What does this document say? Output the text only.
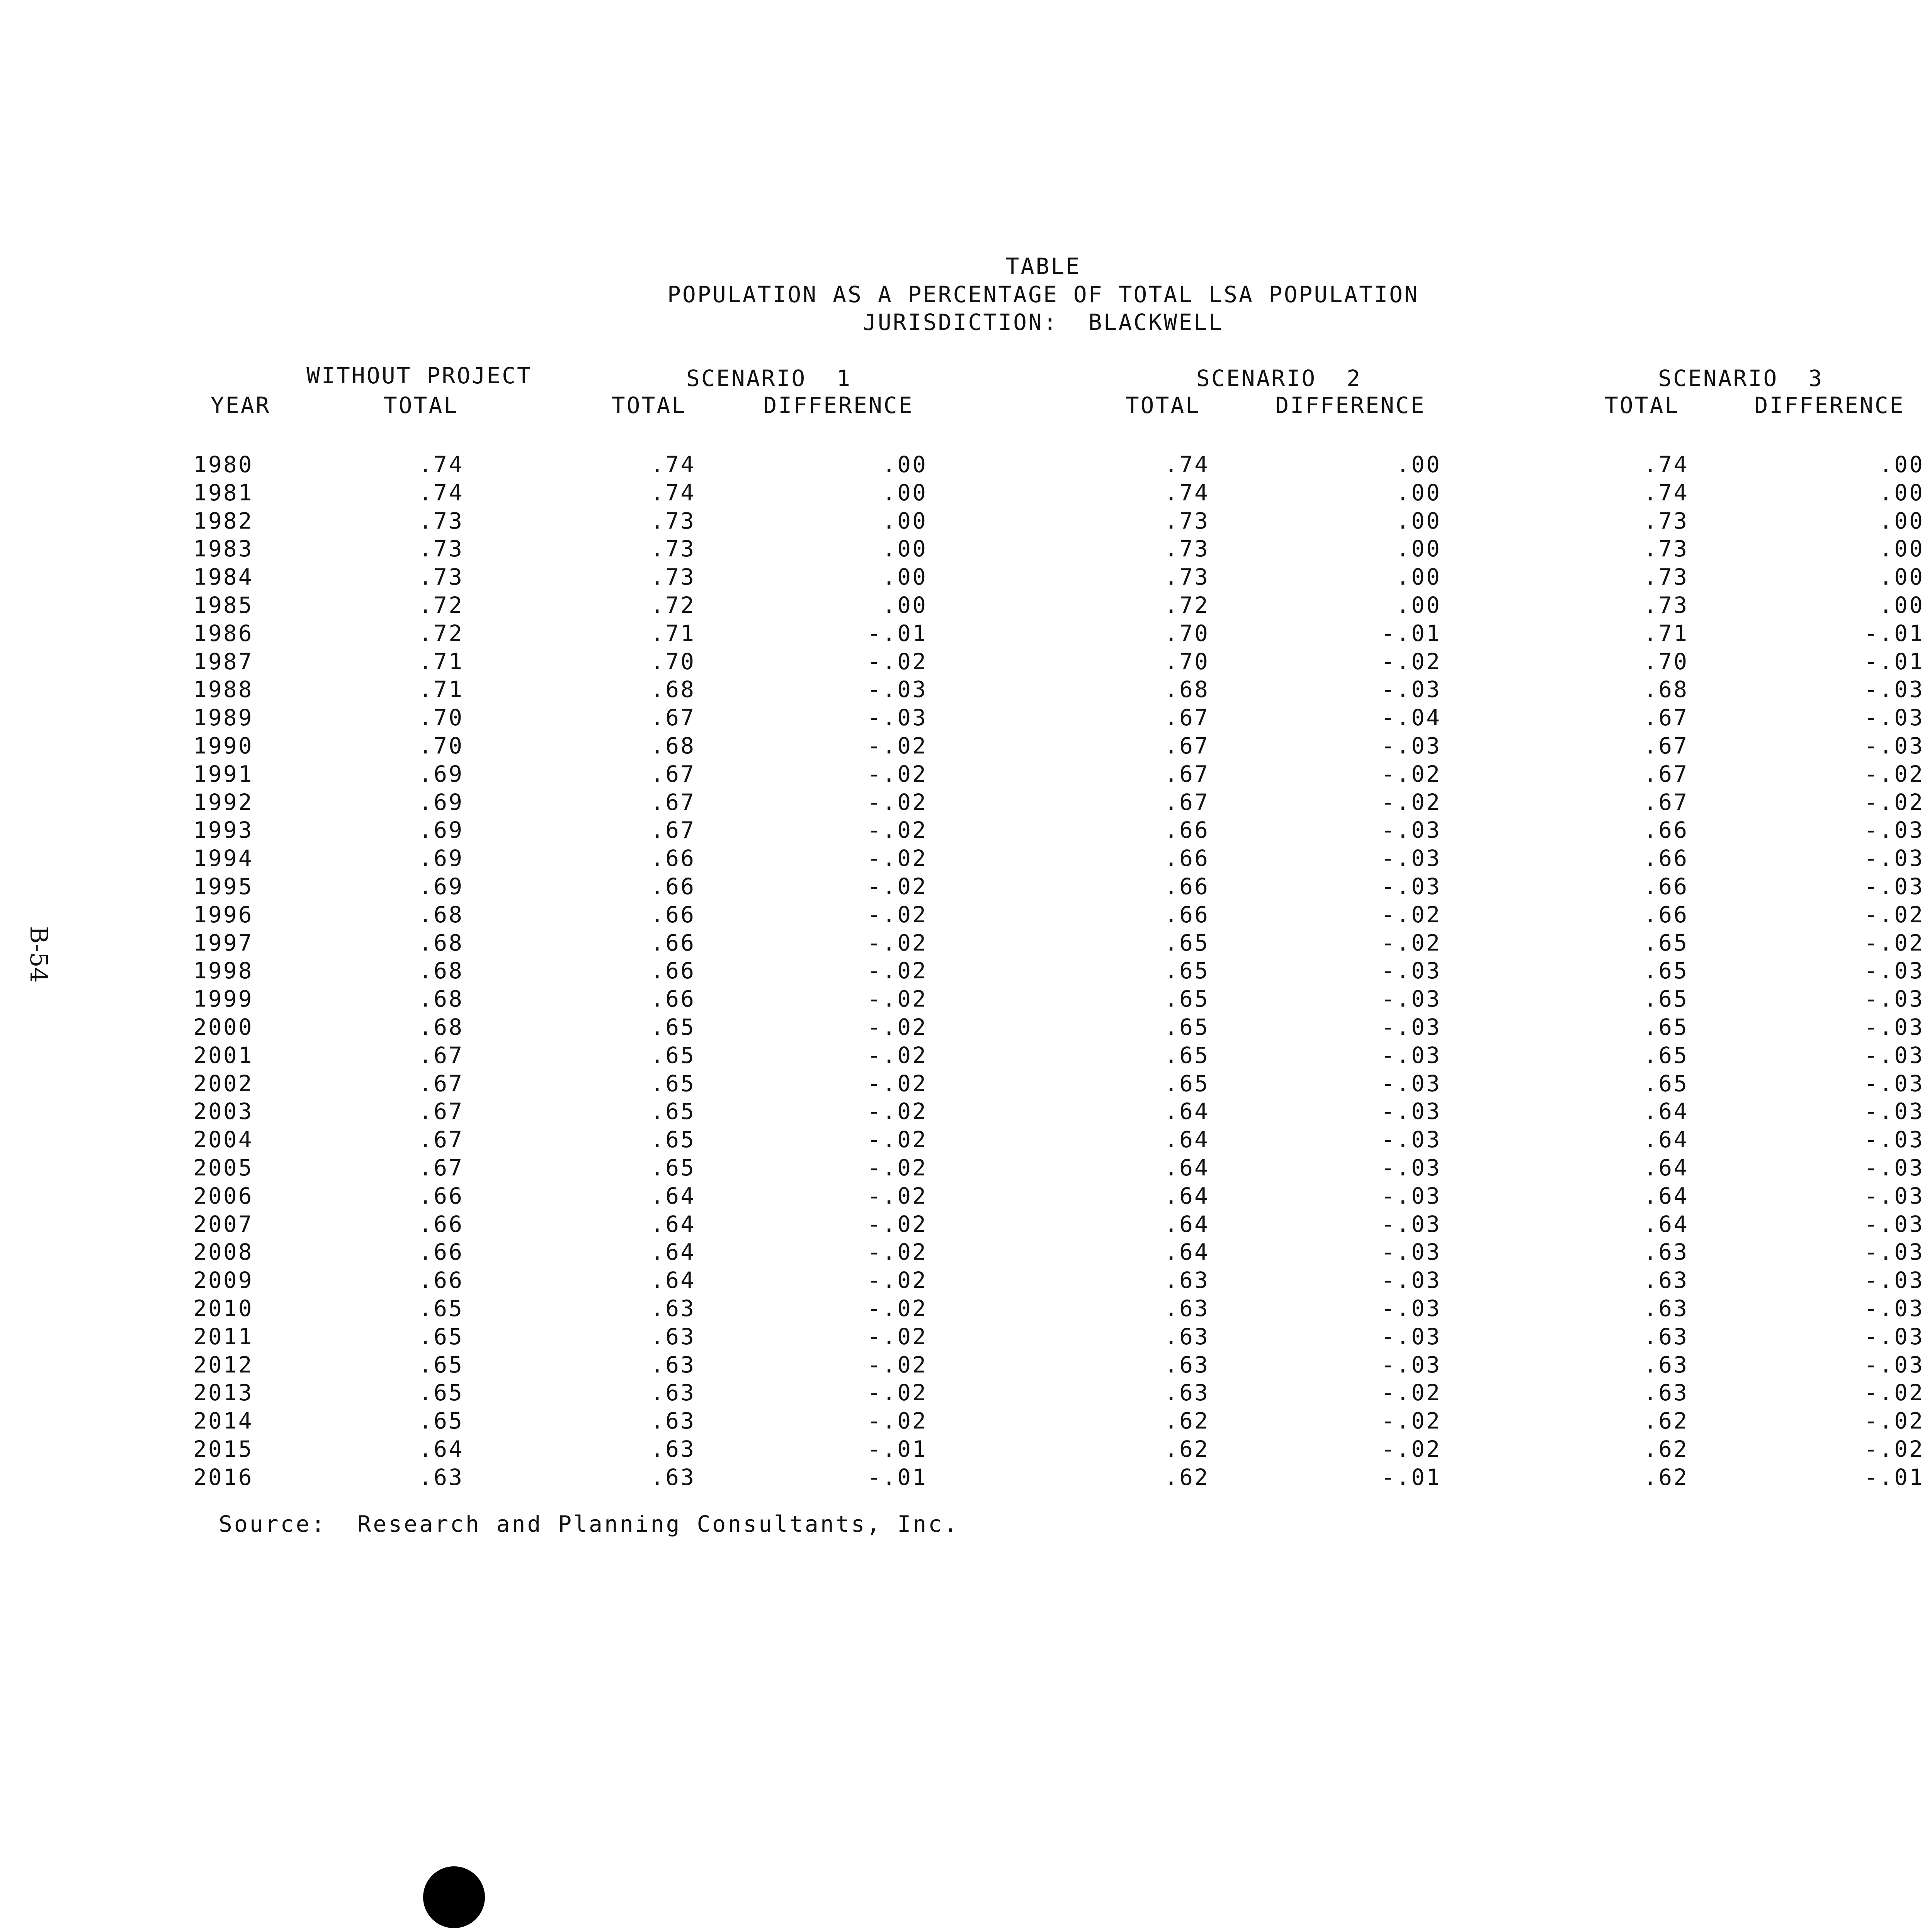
TABLE
POPULATION AS A PERCENTAGE OF TOTAL LSA POPULATION
JURISDICTION:  BLACKWELL
WITHOUT PROJECT	SCENARIO  1	SCENARIO  2	SCENARIO  3
YEAR	TOTAL	TOTAL	DIFFERENCE	TOTAL	DIFFERENCE	TOTAL	DIFFERENCE
1980	.74	.74	.00	.74	.00	.74	.00
1981	.74	.74	.00	.74	.00	.74	.00
1982	.73	.73	.00	.73	.00	.73	.00
1983	.73	.73	.00	.73	.00	.73	.00
1984	.73	.73	.00	.73	.00	.73	.00
1985	.72	.72	.00	.72	.00	.73	.00
1986	.72	.71	-.01	.70	-.01	.71	-.01
1987	.71	.70	-.02	.70	-.02	.70	-.01
1988	.71	.68	-.03	.68	-.03	.68	-.03
1989	.70	.67	-.03	.67	-.04	.67	-.03
1990	.70	.68	-.02	.67	-.03	.67	-.03
1991	.69	.67	-.02	.67	-.02	.67	-.02
1992	.69	.67	-.02	.67	-.02	.67	-.02
1993	.69	.67	-.02	.66	-.03	.66	-.03
1994	.69	.66	-.02	.66	-.03	.66	-.03
1995	.69	.66	-.02	.66	-.03	.66	-.03
1996	.68	.66	-.02	.66	-.02	.66	-.02
1997	.68	.66	-.02	.65	-.02	.65	-.02
1998	.68	.66	-.02	.65	-.03	.65	-.03
1999	.68	.66	-.02	.65	-.03	.65	-.03
2000	.68	.65	-.02	.65	-.03	.65	-.03
2001	.67	.65	-.02	.65	-.03	.65	-.03
2002	.67	.65	-.02	.65	-.03	.65	-.03
2003	.67	.65	-.02	.64	-.03	.64	-.03
2004	.67	.65	-.02	.64	-.03	.64	-.03
2005	.67	.65	-.02	.64	-.03	.64	-.03
2006	.66	.64	-.02	.64	-.03	.64	-.03
2007	.66	.64	-.02	.64	-.03	.64	-.03
2008	.66	.64	-.02	.64	-.03	.63	-.03
2009	.66	.64	-.02	.63	-.03	.63	-.03
2010	.65	.63	-.02	.63	-.03	.63	-.03
2011	.65	.63	-.02	.63	-.03	.63	-.03
2012	.65	.63	-.02	.63	-.03	.63	-.03
2013	.65	.63	-.02	.63	-.02	.63	-.02
2014	.65	.63	-.02	.62	-.02	.62	-.02
2015	.64	.63	-.01	.62	-.02	.62	-.02
2016	.63	.63	-.01	.62	-.01	.62	-.01
Source:  Research and Planning Consultants, Inc.
B-54
